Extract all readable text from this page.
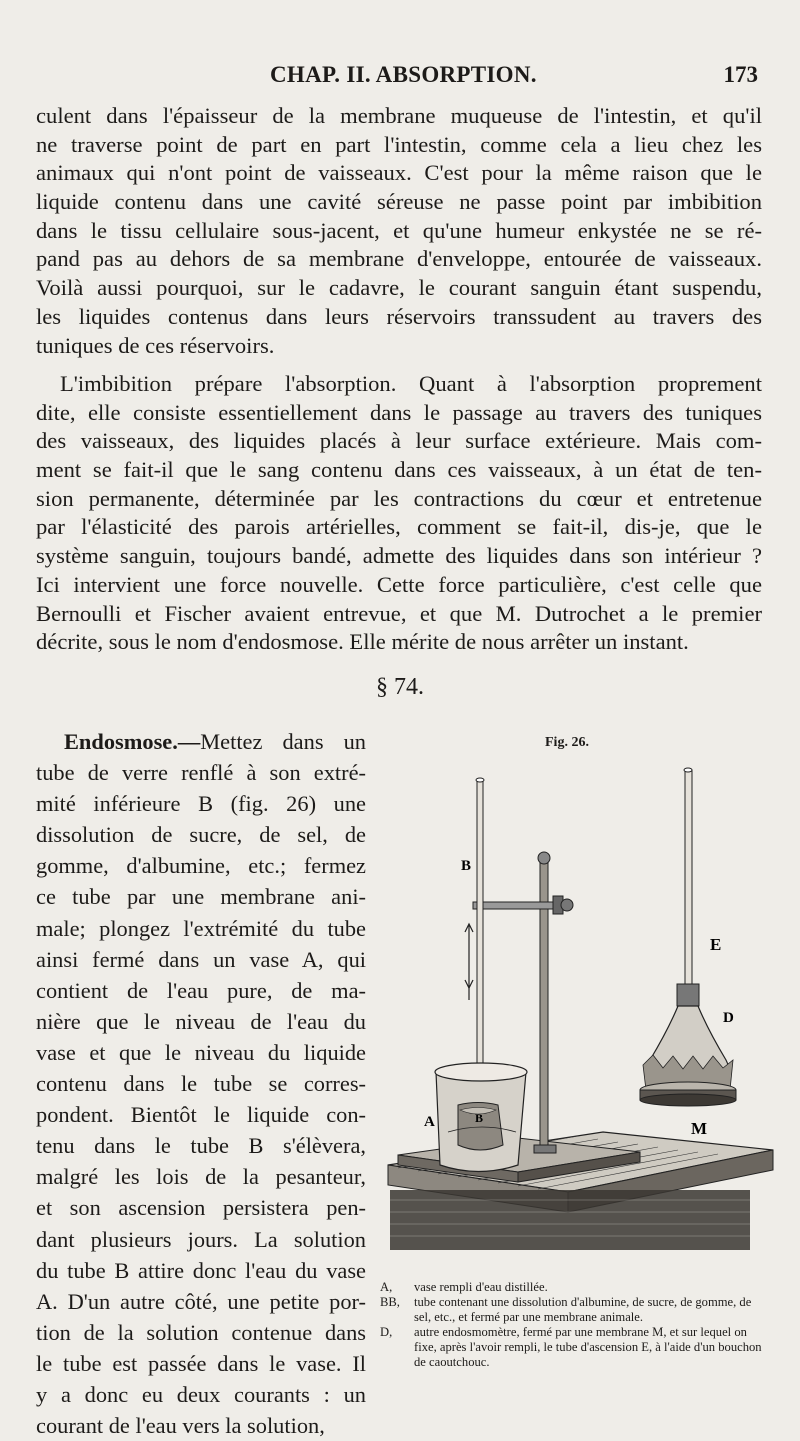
CHAP. II. ABSORPTION.	173
culent dans l'épaisseur de la membrane muqueuse de l'intestin, et qu'il
ne traverse point de part en part l'intestin, comme cela a lieu chez les
animaux qui n'ont point de vaisseaux. C'est pour la même raison que le
liquide contenu dans une cavité séreuse ne passe point par imbibition
dans le tissu cellulaire sous-jacent, et qu'une humeur enkystée ne se ré-
pand pas au dehors de sa membrane d'enveloppe, entourée de vaisseaux.
Voilà aussi pourquoi, sur le cadavre, le courant sanguin étant suspendu,
les liquides contenus dans leurs réservoirs transsudent au travers des
tuniques de ces réservoirs.
L'imbibition prépare l'absorption. Quant à l'absorption proprement
dite, elle consiste essentiellement dans le passage au travers des tuniques
des vaisseaux, des liquides placés à leur surface extérieure. Mais com-
ment se fait-il que le sang contenu dans ces vaisseaux, à un état de ten-
sion permanente, déterminée par les contractions du cœur et entretenue
par l'élasticité des parois artérielles, comment se fait-il, dis-je, que le
système sanguin, toujours bandé, admette des liquides dans son intérieur ?
Ici intervient une force nouvelle. Cette force particulière, c'est celle que
Bernoulli et Fischer avaient entrevue, et que M. Dutrochet a le premier
décrite, sous le nom d'endosmose. Elle mérite de nous arrêter un instant.
§ 74.
Endosmose.—Mettez dans un
tube de verre renflé à son extré-
mité inférieure B (fig. 26) une
dissolution de sucre, de sel, de
gomme, d'albumine, etc.; fermez
ce tube par une membrane ani-
male; plongez l'extrémité du tube
ainsi fermé dans un vase A, qui
contient de l'eau pure, de ma-
nière que le niveau de l'eau du
vase et que le niveau du liquide
contenu dans le tube se corres-
pondent. Bientôt le liquide con-
tenu dans le tube B s'élèvera,
malgré les lois de la pesanteur,
et son ascension persistera pen-
dant plusieurs jours. La solution
du tube B attire donc l'eau du vase
A. D'un autre côté, une petite por-
tion de la solution contenue dans
le tube est passée dans le vase. Il
y a donc eu deux courants : un
courant de l'eau vers la solution,
Fig. 26.
B
A	B
E
D
M
A,	vase rempli d'eau distillée.
BB,	tube contenant une dissolution d'albumine, de sucre, de gomme, de sel, etc., et fermé par une membrane animale.
D,	autre endosmomètre, fermé par une membrane M, et sur lequel on fixe, après l'avoir rempli, le tube d'ascension E, à l'aide d'un bouchon de caoutchouc.
